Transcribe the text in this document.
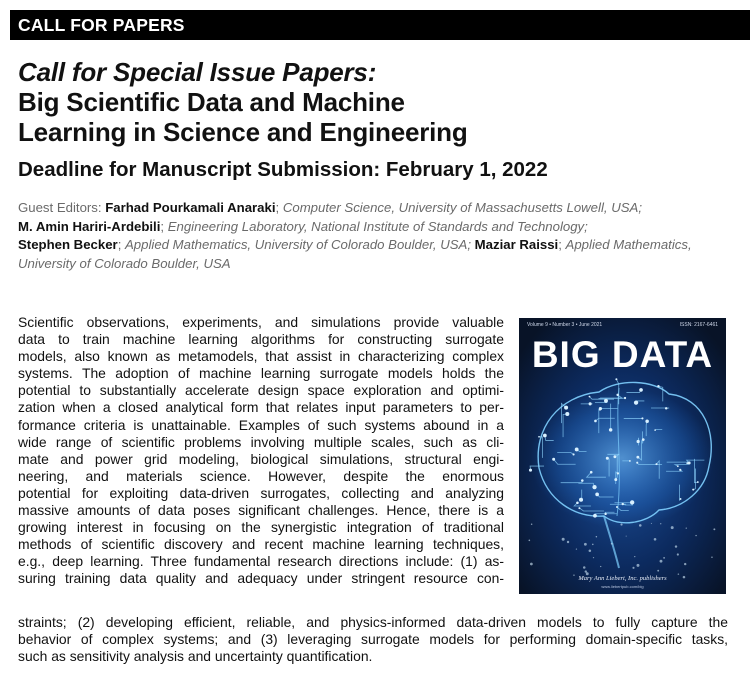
CALL FOR PAPERS
Call for Special Issue Papers:
Big Scientific Data and Machine
Learning in Science and Engineering
Deadline for Manuscript Submission: February 1, 2022
Guest Editors: Farhad Pourkamali Anaraki; Computer Science, University of Massachusetts Lowell, USA;
M. Amin Hariri-Ardebili; Engineering Laboratory, National Institute of Standards and Technology;
Stephen Becker; Applied Mathematics, University of Colorado Boulder, USA; Maziar Raissi; Applied Mathematics,
University of Colorado Boulder, USA
Scientific observations, experiments, and simulations provide valuable
data to train machine learning algorithms for constructing surrogate
models, also known as metamodels, that assist in characterizing complex
systems. The adoption of machine learning surrogate models holds the
potential to substantially accelerate design space exploration and optimi-
zation when a closed analytical form that relates input parameters to per-
formance criteria is unattainable. Examples of such systems abound in a
wide range of scientific problems involving multiple scales, such as cli-
mate and power grid modeling, biological simulations, structural engi-
neering, and materials science. However, despite the enormous
potential for exploiting data-driven surrogates, collecting and analyzing
massive amounts of data poses significant challenges. Hence, there is a
growing interest in focusing on the synergistic integration of traditional
methods of scientific discovery and recent machine learning techniques,
e.g., deep learning. Three fundamental research directions include: (1) as-
suring training data quality and adequacy under stringent resource con-
straints; (2) developing efficient, reliable, and physics-informed data-driven models to fully capture the
behavior of complex systems; and (3) leveraging surrogate models for performing domain-specific tasks,
such as sensitivity analysis and uncertainty quantification.
Volume 9 • Number 3 • June 2021	ISSN: 2167-6461
BIG DATA
Mary Ann Liebert, Inc. publishers
www.liebertpub.com/big
